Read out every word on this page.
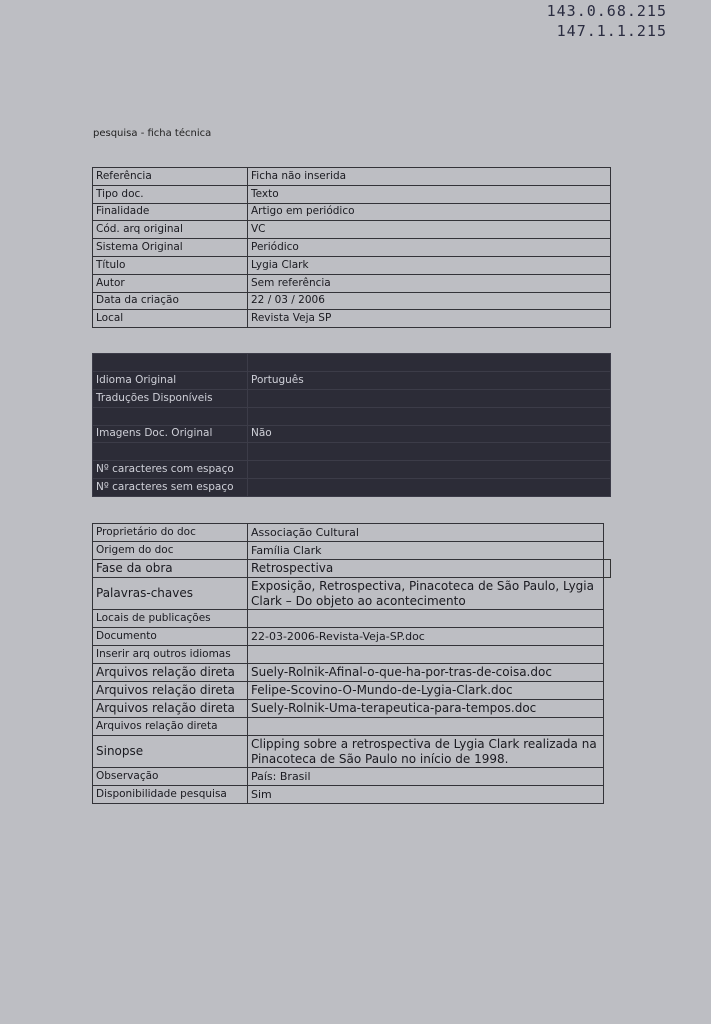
143.0.68.215
147.1.1.215
pesquisa - ficha técnica
Referência	Ficha não inserida
Tipo doc.	Texto
Finalidade	Artigo em periódico
Cód. arq original	VC
Sistema Original	Periódico
Título	Lygia Clark
Autor	Sem referência
Data da criação	22 / 03 / 2006
Local	Revista Veja SP

Idioma Original	Português
Traduções Disponíveis	

Imagens Doc. Original	Não

Nº caracteres com espaço	
Nº caracteres sem espaço	
Proprietário do doc	Associação Cultural
Origem do doc	Família Clark
Fase da obra	Retrospectiva
Palavras-chaves	Exposição, Retrospectiva, Pinacoteca de São Paulo, Lygia Clark – Do objeto ao acontecimento
Locais de publicações	
Documento	22-03-2006-Revista-Veja-SP.doc
Inserir arq outros idiomas	
Arquivos relação direta	Suely-Rolnik-Afinal-o-que-ha-por-tras-de-coisa.doc
Arquivos relação direta	Felipe-Scovino-O-Mundo-de-Lygia-Clark.doc
Arquivos relação direta	Suely-Rolnik-Uma-terapeutica-para-tempos.doc
Arquivos relação direta	
Sinopse	Clipping sobre a retrospectiva de Lygia Clark realizada na Pinacoteca de São Paulo no início de 1998.
Observação	País: Brasil
Disponibilidade pesquisa	Sim
